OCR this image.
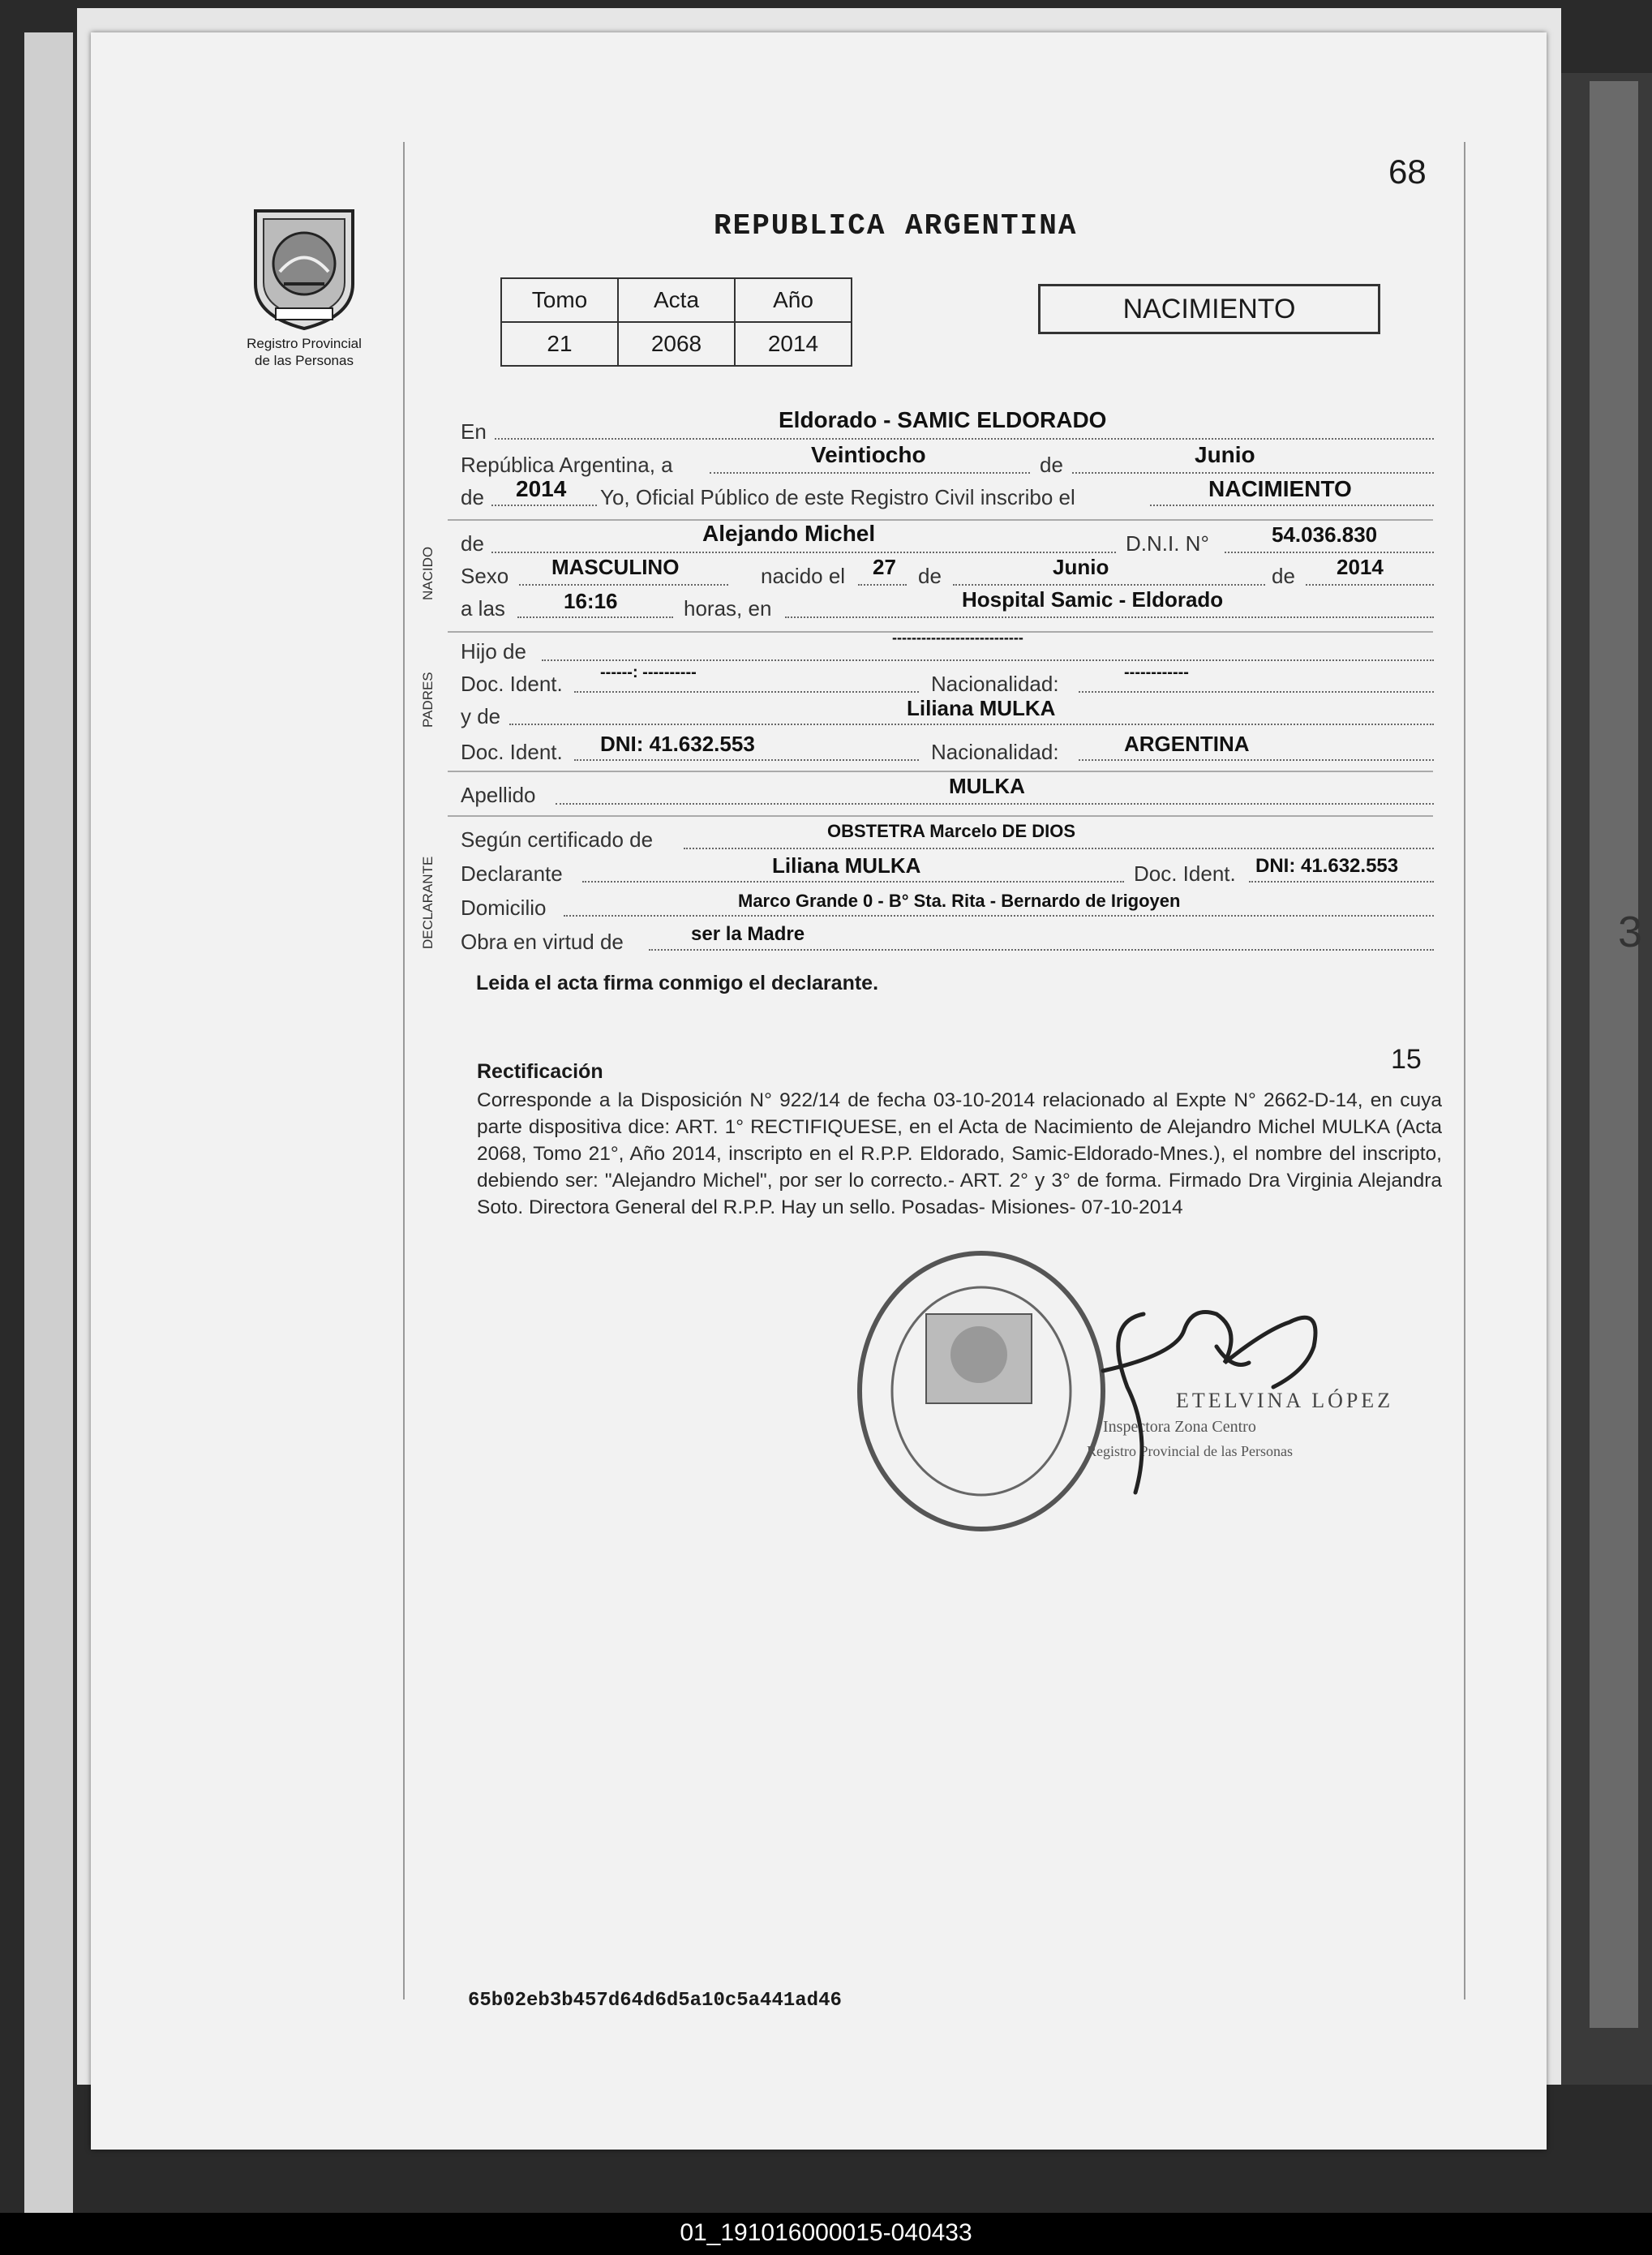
3
Registro Provincial
de las Personas
68
REPUBLICA ARGENTINA
Tomo	Acta	Año
21	2068	2014
NACIMIENTO
En	Eldorado - SAMIC ELDORADO
República Argentina, a	Veintiocho	de	Junio
de 2014 Yo, Oficial Público de este Registro Civil inscribo el	NACIMIENTO
NACIDO
de	Alejando Michel	D.N.I. N°	54.036.830
Sexo MASCULINO	nacido el 27 de	Junio	de 2014
a las	16:16	horas, en	Hospital Samic - Eldorado
PADRES
Hijo de
---------------------------
Doc. Ident. ------: ----------	Nacionalidad:	------------
y de	Liliana MULKA
Doc. Ident. DNI: 41.632.553	Nacionalidad:	ARGENTINA
Apellido	MULKA
DECLARANTE
Según certificado de	OBSTETRA Marcelo DE DIOS
Declarante	Liliana MULKA	Doc. Ident. DNI: 41.632.553
Domicilio	Marco Grande 0 - B° Sta. Rita - Bernardo de Irigoyen
Obra en virtud de	ser la Madre
Leida el acta firma conmigo el declarante.
Rectificación	15
Corresponde a la Disposición N° 922/14 de fecha 03-10-2014 relacionado al Expte N° 2662-D-14, en cuya parte dispositiva dice: ART. 1° RECTIFIQUESE, en el Acta de Nacimiento de Alejandro Michel MULKA (Acta 2068, Tomo 21°, Año 2014, inscripto en el R.P.P. Eldorado, Samic-Eldorado-Mnes.), el nombre del inscripto, debiendo ser: "Alejandro Michel", por ser lo correcto.- ART. 2° y 3° de forma. Firmado Dra Virginia Alejandra Soto. Directora General del R.P.P. Hay un sello. Posadas- Misiones- 07-10-2014
ETELVINA LÓPEZ
Inspectora Zona Centro
Registro Provincial de las Personas
65b02eb3b457d64d6d5a10c5a441ad46
01_191016000015-040433
